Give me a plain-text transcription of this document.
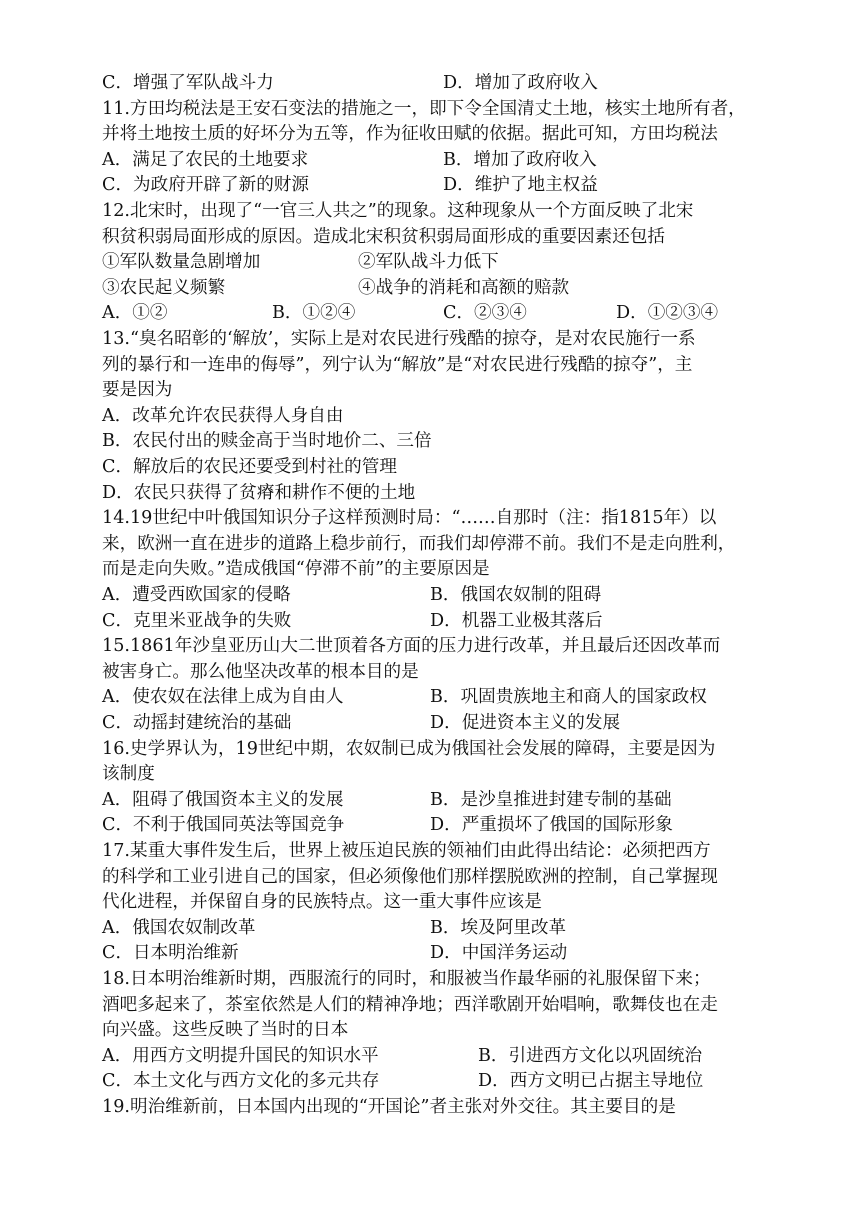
C．增强了军队战斗力	D．增加了政府收入
11.方田均税法是王安石变法的措施之一，即下令全国清丈土地，核实土地所有者，
并将土地按土质的好坏分为五等，作为征收田赋的依据。据此可知，方田均税法
A．满足了农民的土地要求	B．增加了政府收入
C．为政府开辟了新的财源	D．维护了地主权益
12.北宋时，出现了“一官三人共之”的现象。这种现象从一个方面反映了北宋
积贫积弱局面形成的原因。造成北宋积贫积弱局面形成的重要因素还包括
①军队数量急剧增加	②军队战斗力低下
③农民起义频繁	④战争的消耗和高额的赔款
A．①②	B．①②④	C．②③④	D．①②③④
13.“臭名昭彰的‘解放’，实际上是对农民进行残酷的掠夺，是对农民施行一系
列的暴行和一连串的侮辱”，列宁认为“解放”是“对农民进行残酷的掠夺”，主
要是因为
A．改革允许农民获得人身自由
B．农民付出的赎金高于当时地价二、三倍
C．解放后的农民还要受到村社的管理
D．农民只获得了贫瘠和耕作不便的土地
14.19世纪中叶俄国知识分子这样预测时局：“……自那时（注：指1815年）以
来，欧洲一直在进步的道路上稳步前行，而我们却停滞不前。我们不是走向胜利，
而是走向失败。”造成俄国“停滞不前”的主要原因是
A．遭受西欧国家的侵略	B．俄国农奴制的阻碍
C．克里米亚战争的失败	D．机器工业极其落后
15.1861年沙皇亚历山大二世顶着各方面的压力进行改革，并且最后还因改革而
被害身亡。那么他坚决改革的根本目的是
A．使农奴在法律上成为自由人	B．巩固贵族地主和商人的国家政权
C．动摇封建统治的基础	D．促进资本主义的发展
16.史学界认为，19世纪中期，农奴制已成为俄国社会发展的障碍，主要是因为
该制度
A．阻碍了俄国资本主义的发展	B．是沙皇推进封建专制的基础
C．不利于俄国同英法等国竞争	D．严重损坏了俄国的国际形象
17.某重大事件发生后，世界上被压迫民族的领袖们由此得出结论：必须把西方
的科学和工业引进自己的国家，但必须像他们那样摆脱欧洲的控制，自己掌握现
代化进程，并保留自身的民族特点。这一重大事件应该是
A．俄国农奴制改革	B．埃及阿里改革
C．日本明治维新	D．中国洋务运动
18.日本明治维新时期，西服流行的同时，和服被当作最华丽的礼服保留下来；
酒吧多起来了，茶室依然是人们的精神净地；西洋歌剧开始唱响，歌舞伎也在走
向兴盛。这些反映了当时的日本
A．用西方文明提升国民的知识水平	B．引进西方文化以巩固统治
C．本土文化与西方文化的多元共存	D．西方文明已占据主导地位
19.明治维新前，日本国内出现的“开国论”者主张对外交往。其主要目的是
